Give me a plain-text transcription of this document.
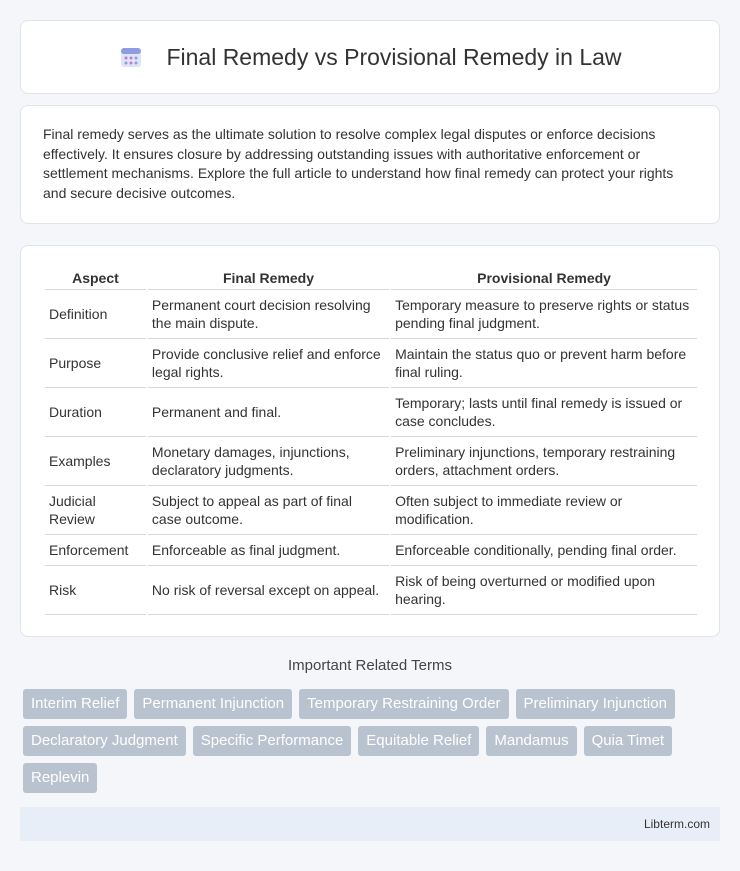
Final Remedy vs Provisional Remedy in Law

Final remedy serves as the ultimate solution to resolve complex legal disputes or enforce decisions effectively. It ensures closure by addressing outstanding issues with authoritative enforcement or settlement mechanisms. Explore the full article to understand how final remedy can protect your rights and secure decisive outcomes.

Aspect	Final Remedy	Provisional Remedy
Definition	Permanent court decision resolving the main dispute.	Temporary measure to preserve rights or status pending final judgment.
Purpose	Provide conclusive relief and enforce legal rights.	Maintain the status quo or prevent harm before final ruling.
Duration	Permanent and final.	Temporary; lasts until final remedy is issued or case concludes.
Examples	Monetary damages, injunctions, declaratory judgments.	Preliminary injunctions, temporary restraining orders, attachment orders.
Judicial Review	Subject to appeal as part of final case outcome.	Often subject to immediate review or modification.
Enforcement	Enforceable as final judgment.	Enforceable conditionally, pending final order.
Risk	No risk of reversal except on appeal.	Risk of being overturned or modified upon hearing.
Important Related Terms
Interim Relief	Permanent Injunction	Temporary Restraining Order	Preliminary Injunction
Declaratory Judgment	Specific Performance	Equitable Relief	Mandamus	Quia Timet
Replevin
Libterm.com
